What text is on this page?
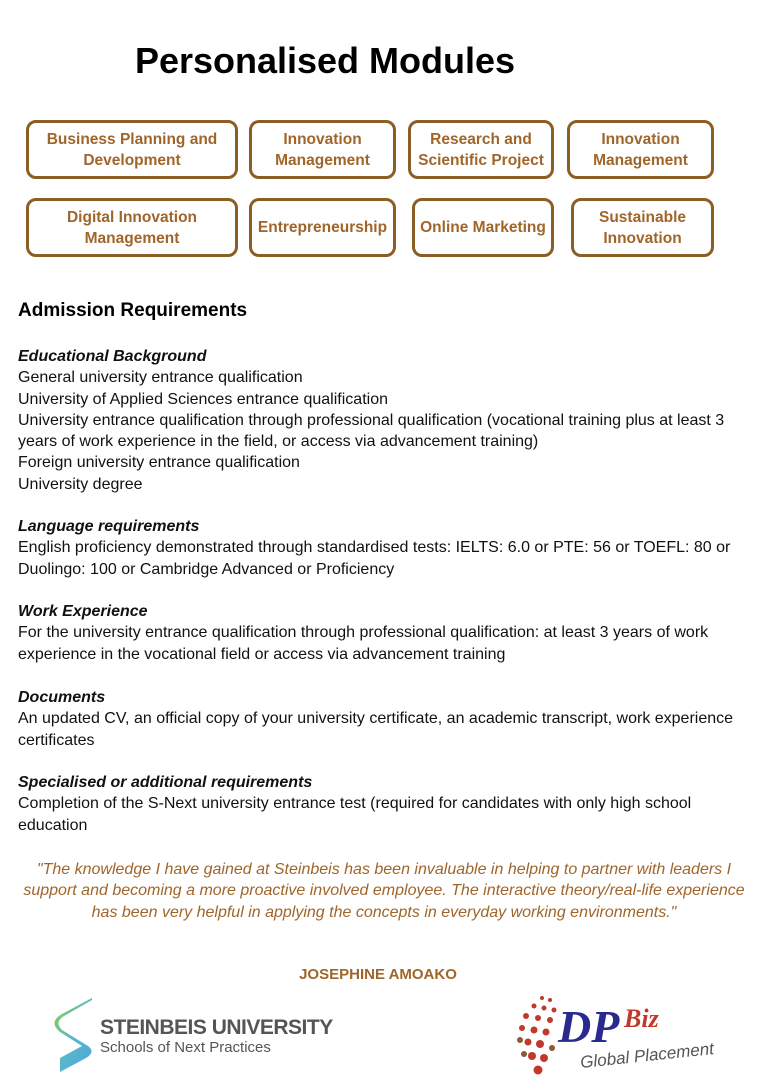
Personalised Modules
Business Planning and Development
Innovation Management
Research and Scientific Project
Innovation Management
Digital Innovation Management
Entrepreneurship	Online Marketing
Sustainable Innovation
Admission Requirements
Educational Background
General university entrance qualification
University of Applied Sciences entrance qualification
University entrance qualification through professional qualification (vocational training plus at least 3 years of work experience in the field, or access via advancement training)
Foreign university entrance qualification
University degree
Language requirements
English proficiency demonstrated through standardised tests: IELTS: 6.0 or PTE: 56 or TOEFL: 80 or Duolingo: 100 or Cambridge Advanced or Proficiency
Work Experience
For the university entrance qualification through professional qualification: at least 3 years of work experience in the vocational field or access via advancement training
Documents
An updated CV, an official copy of your university certificate, an academic transcript, work experience certificates
Specialised or additional requirements
Completion of the S-Next university entrance test (required for candidates with only high school education
"The knowledge I have gained at Steinbeis has been invaluable in helping to partner with leaders I support and becoming a more proactive involved employee. The interactive theory/real-life experience has been very helpful in applying the concepts in everyday working environments."
JOSEPHINE AMOAKO
STEINBEIS UNIVERSITY
Schools of Next Practices	DP Biz
Global Placement
